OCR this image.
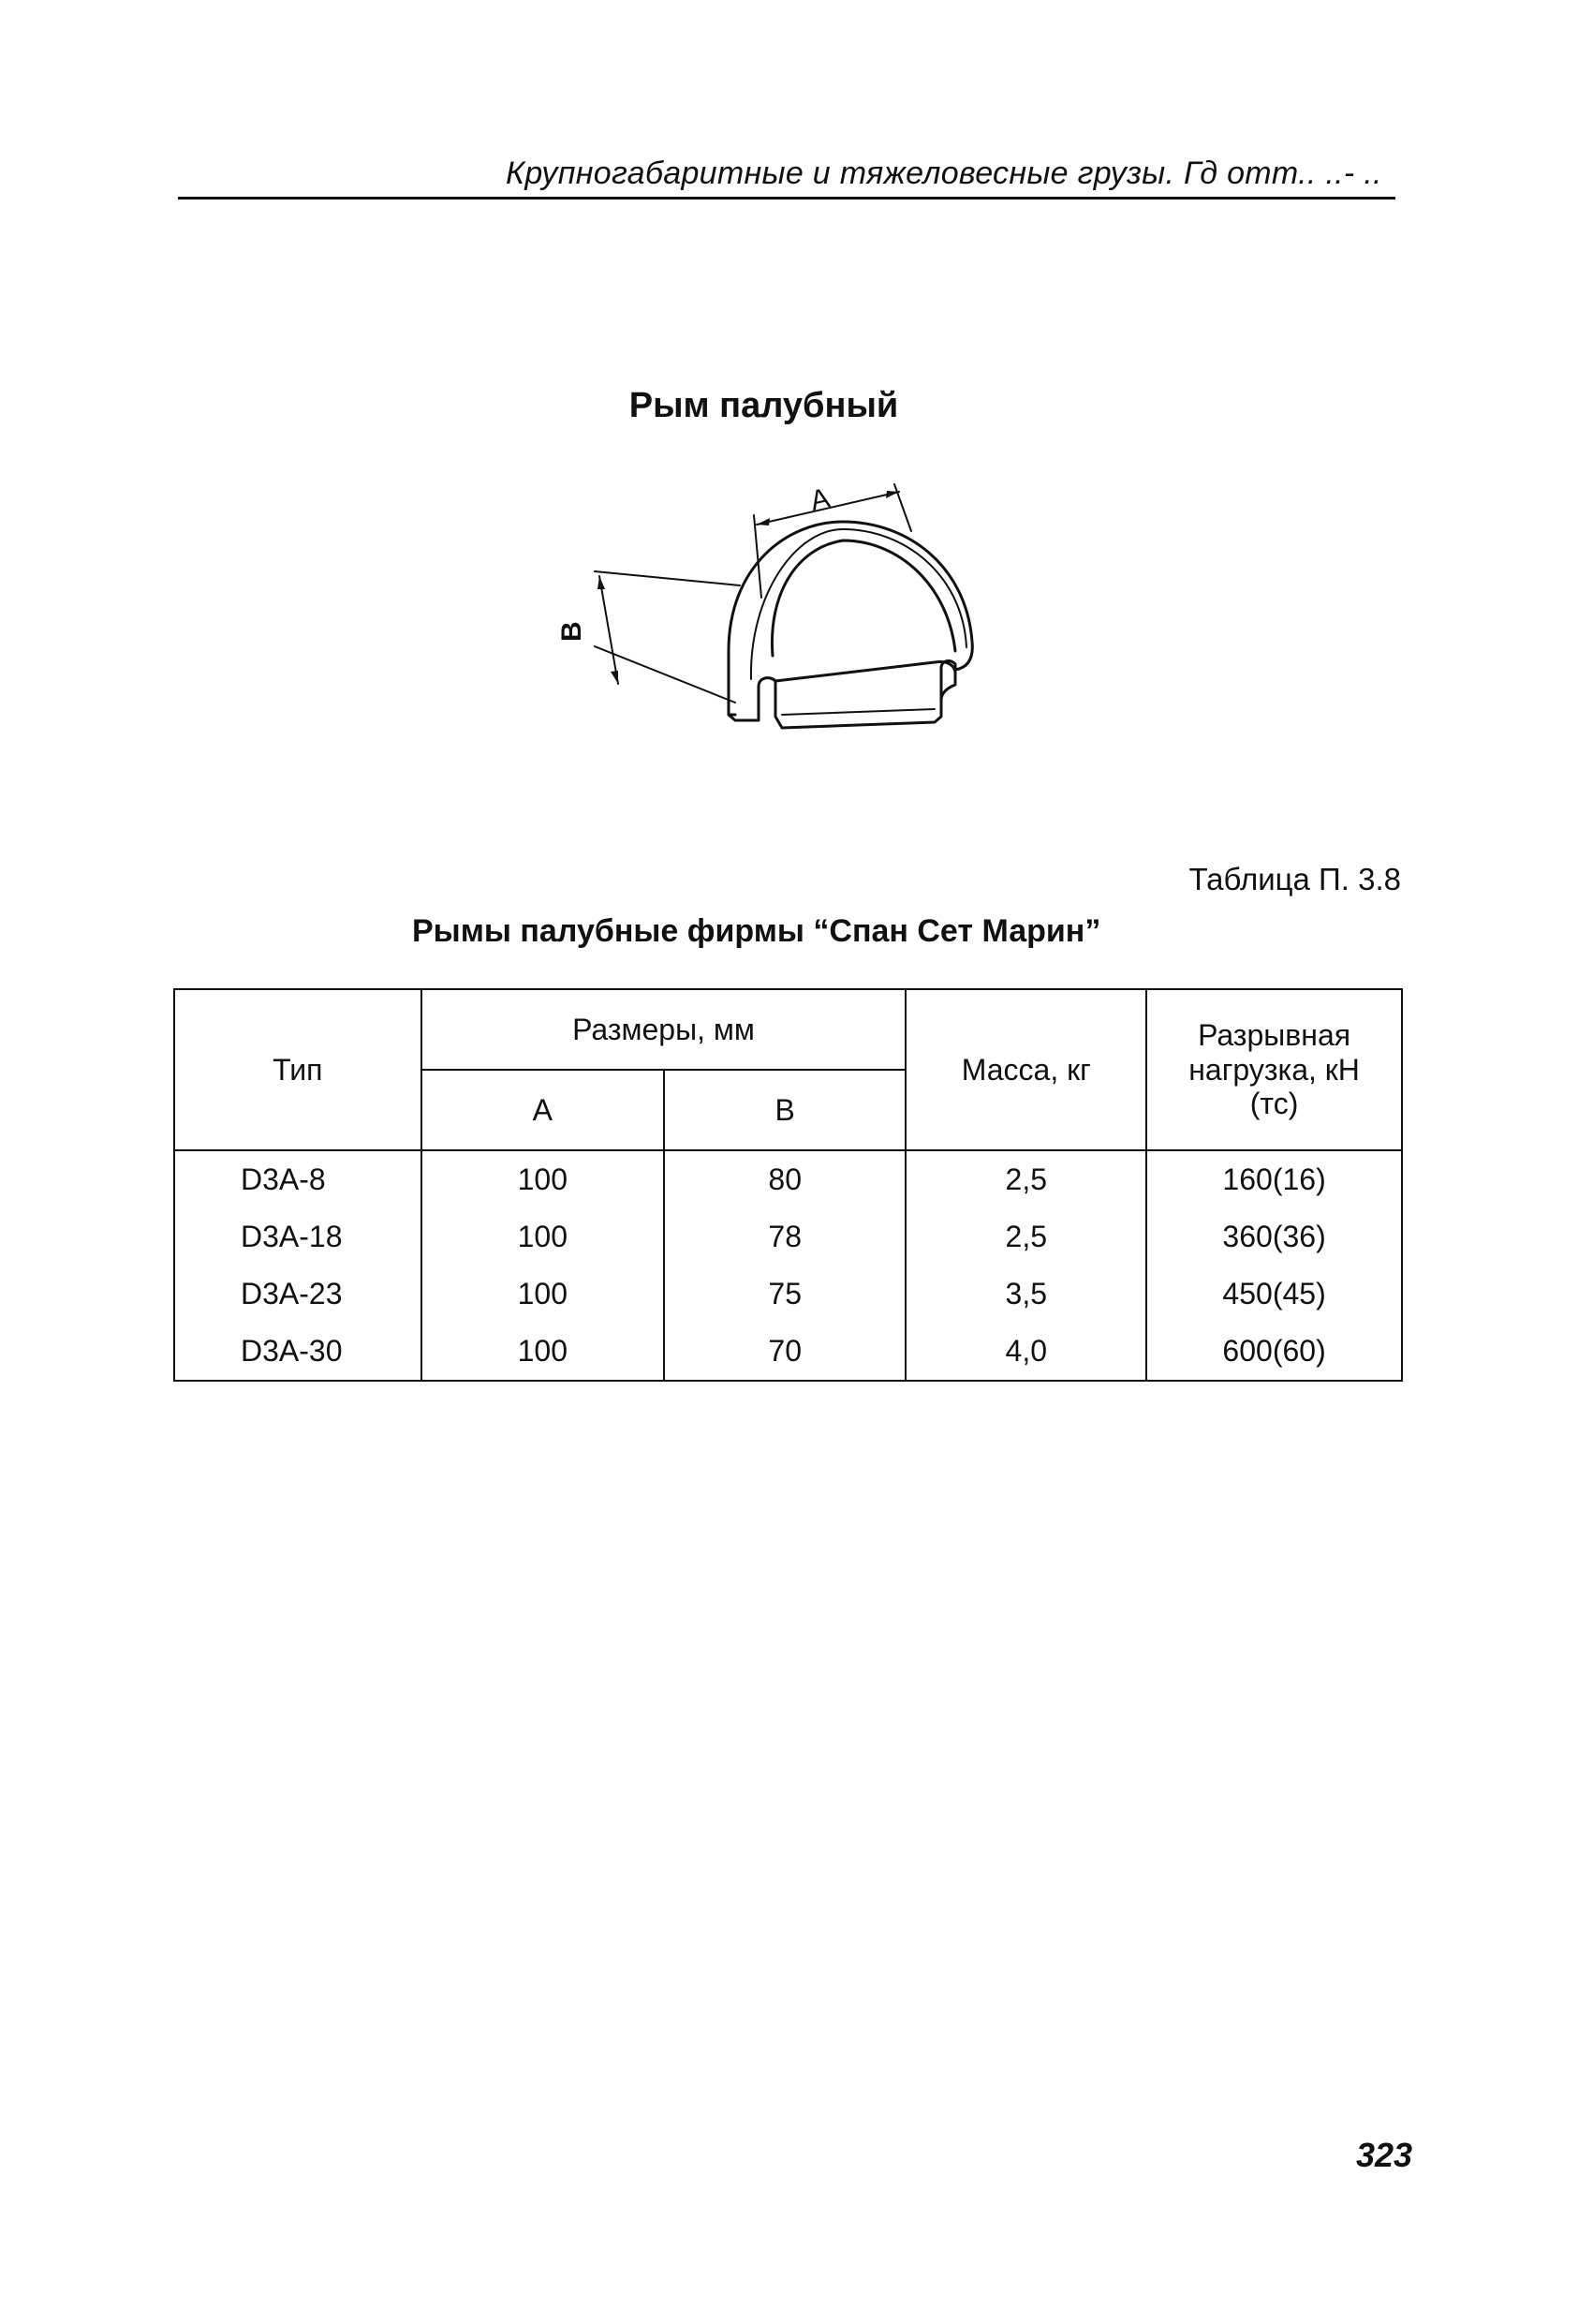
Крупногабаритные и тяжеловесные грузы. Гд отт.. ..- ..
Рым палубный
A
B
Таблица П. 3.8
Рымы палубные фирмы “Спан Сет Марин”
Тип	Размеры, мм		Масса, кг	Разрывная нагрузка, кН (тс)
	A	B		
D3A-8	100	80	2,5	160(16)
D3A-18	100	78	2,5	360(36)
D3A-23	100	75	3,5	450(45)
D3A-30	100	70	4,0	600(60)
323
